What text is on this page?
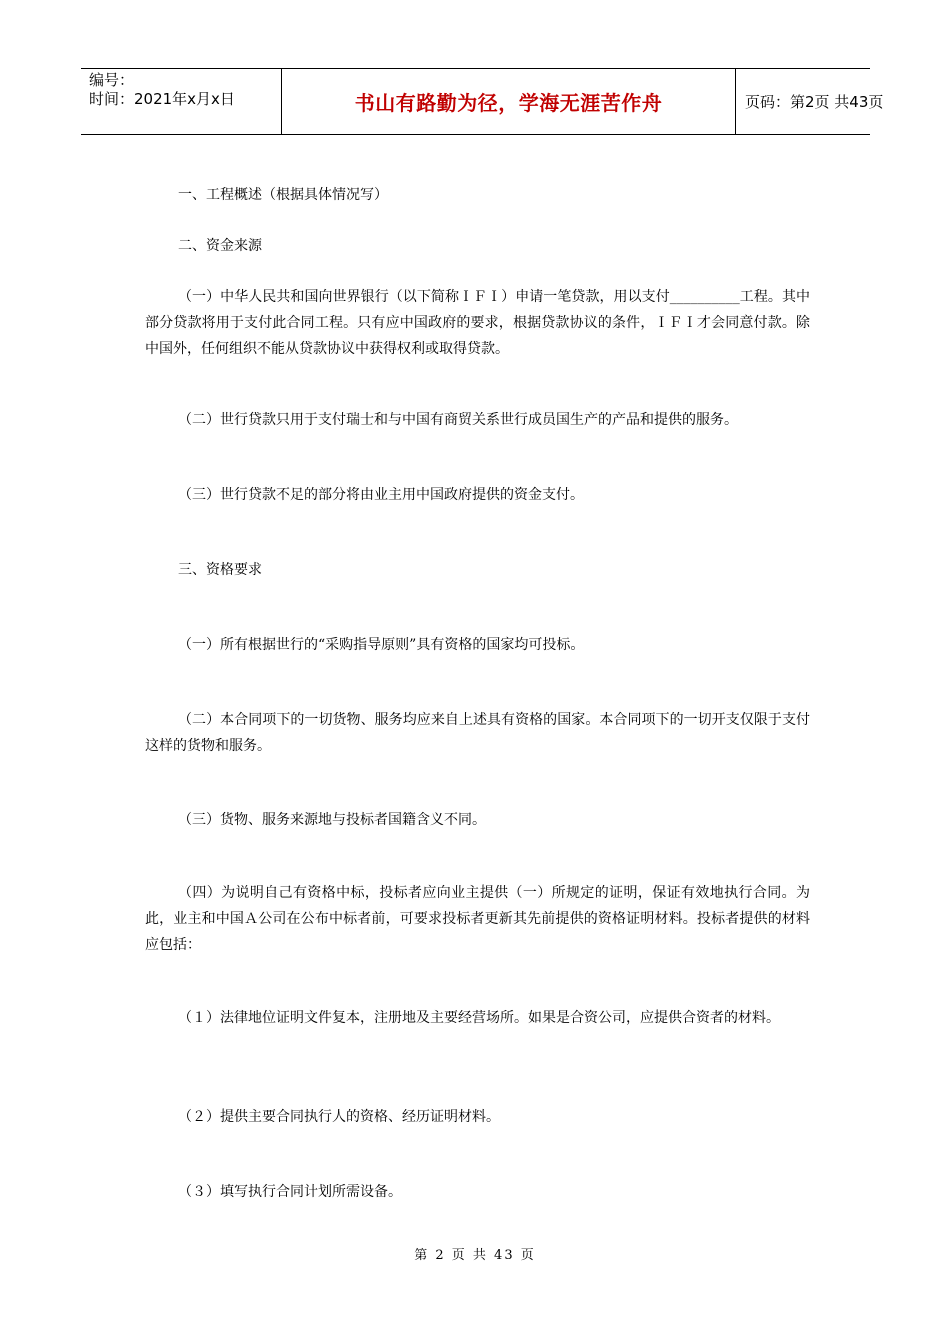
编号：
时间：2021年x月x日	书山有路勤为径，学海无涯苦作舟	页码：第2页 共43页

一、工程概述（根据具体情况写）

二、资金来源

（一）中华人民共和国向世界银行（以下简称ＩＦＩ）申请一笔贷款，用以支付__________工程。其中部分贷款将用于支付此合同工程。只有应中国政府的要求，根据贷款协议的条件，ＩＦＩ才会同意付款。除中国外，任何组织不能从贷款协议中获得权利或取得贷款。

（二）世行贷款只用于支付瑞士和与中国有商贸关系世行成员国生产的产品和提供的服务。

（三）世行贷款不足的部分将由业主用中国政府提供的资金支付。

三、资格要求

（一）所有根据世行的“采购指导原则”具有资格的国家均可投标。

（二）本合同项下的一切货物、服务均应来自上述具有资格的国家。本合同项下的一切开支仅限于支付这样的货物和服务。

（三）货物、服务来源地与投标者国籍含义不同。

（四）为说明自己有资格中标，投标者应向业主提供（一）所规定的证明，保证有效地执行合同。为此，业主和中国Ａ公司在公布中标者前，可要求投标者更新其先前提供的资格证明材料。投标者提供的材料应包括：

（１）法律地位证明文件复本，注册地及主要经营场所。如果是合资公司，应提供合资者的材料。

（２）提供主要合同执行人的资格、经历证明材料。

（３）填写执行合同计划所需设备。

第 2 页 共 43 页
